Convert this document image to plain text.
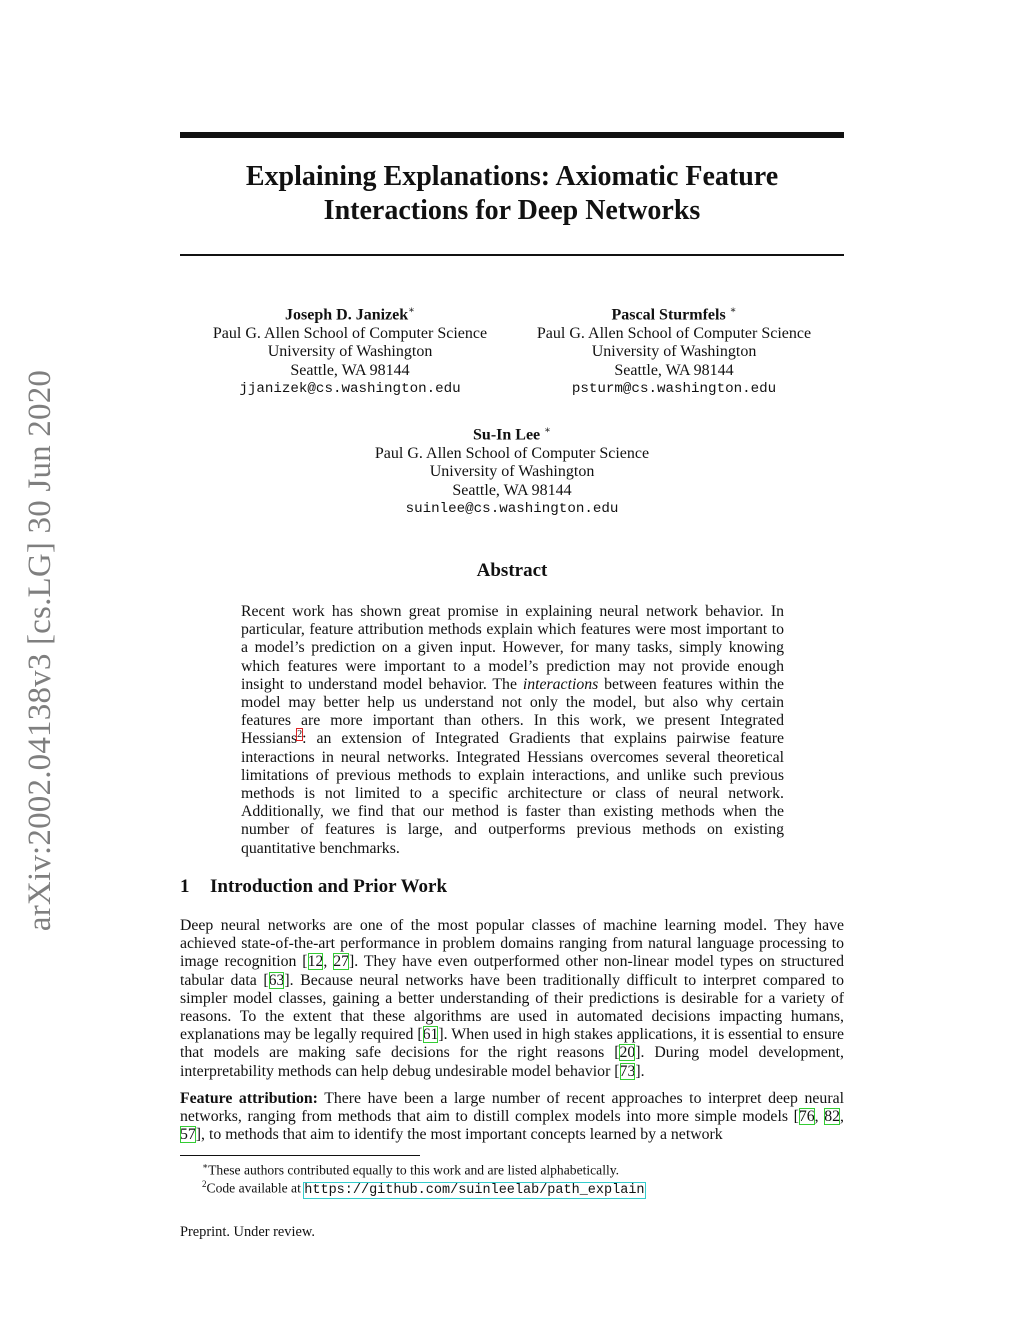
arXiv:2002.04138v3 [cs.LG] 30 Jun 2020
Explaining Explanations: Axiomatic Feature
Interactions for Deep Networks
Joseph D. Janizek∗
Paul G. Allen School of Computer Science
University of Washington
Seattle, WA 98144
jjanizek@cs.washington.edu
Pascal Sturmfels ∗
Paul G. Allen School of Computer Science
University of Washington
Seattle, WA 98144
psturm@cs.washington.edu
Su-In Lee ∗
Paul G. Allen School of Computer Science
University of Washington
Seattle, WA 98144
suinlee@cs.washington.edu
Abstract
Recent work has shown great promise in explaining neural network behavior. In particular, feature attribution methods explain which features were most important to a model’s prediction on a given input. However, for many tasks, simply knowing which features were important to a model’s prediction may not provide enough insight to understand model behavior. The interactions between features within the model may better help us understand not only the model, but also why certain features are more important than others. In this work, we present Integrated Hessians$^2$: an extension of Integrated Gradients that explains pairwise feature interactions in neural networks. Integrated Hessians overcomes several theoretical limitations of previous methods to explain interactions, and unlike such previous methods is not limited to a specific architecture or class of neural network. Additionally, we find that our method is faster than existing methods when the number of features is large, and outperforms previous methods on existing quantitative benchmarks.
1 Introduction and Prior Work
Deep neural networks are one of the most popular classes of machine learning model. They have achieved state-of-the-art performance in problem domains ranging from natural language processing to image recognition [12, 27]. They have even outperformed other non-linear model types on structured tabular data [63]. Because neural networks have been traditionally difficult to interpret compared to simpler model classes, gaining a better understanding of their predictions is desirable for a variety of reasons. To the extent that these algorithms are used in automated decisions impacting humans, explanations may be legally required [61]. When used in high stakes applications, it is essential to ensure that models are making safe decisions for the right reasons [20]. During model development, interpretability methods can help debug undesirable model behavior [73].
Feature attribution: There have been a large number of recent approaches to interpret deep neural networks, ranging from methods that aim to distill complex models into more simple models [76, 82, 57], to methods that aim to identify the most important concepts learned by a network
∗These authors contributed equally to this work and are listed alphabetically.
$^2$Code available at https://github.com/suinleelab/path_explain
Preprint. Under review.
